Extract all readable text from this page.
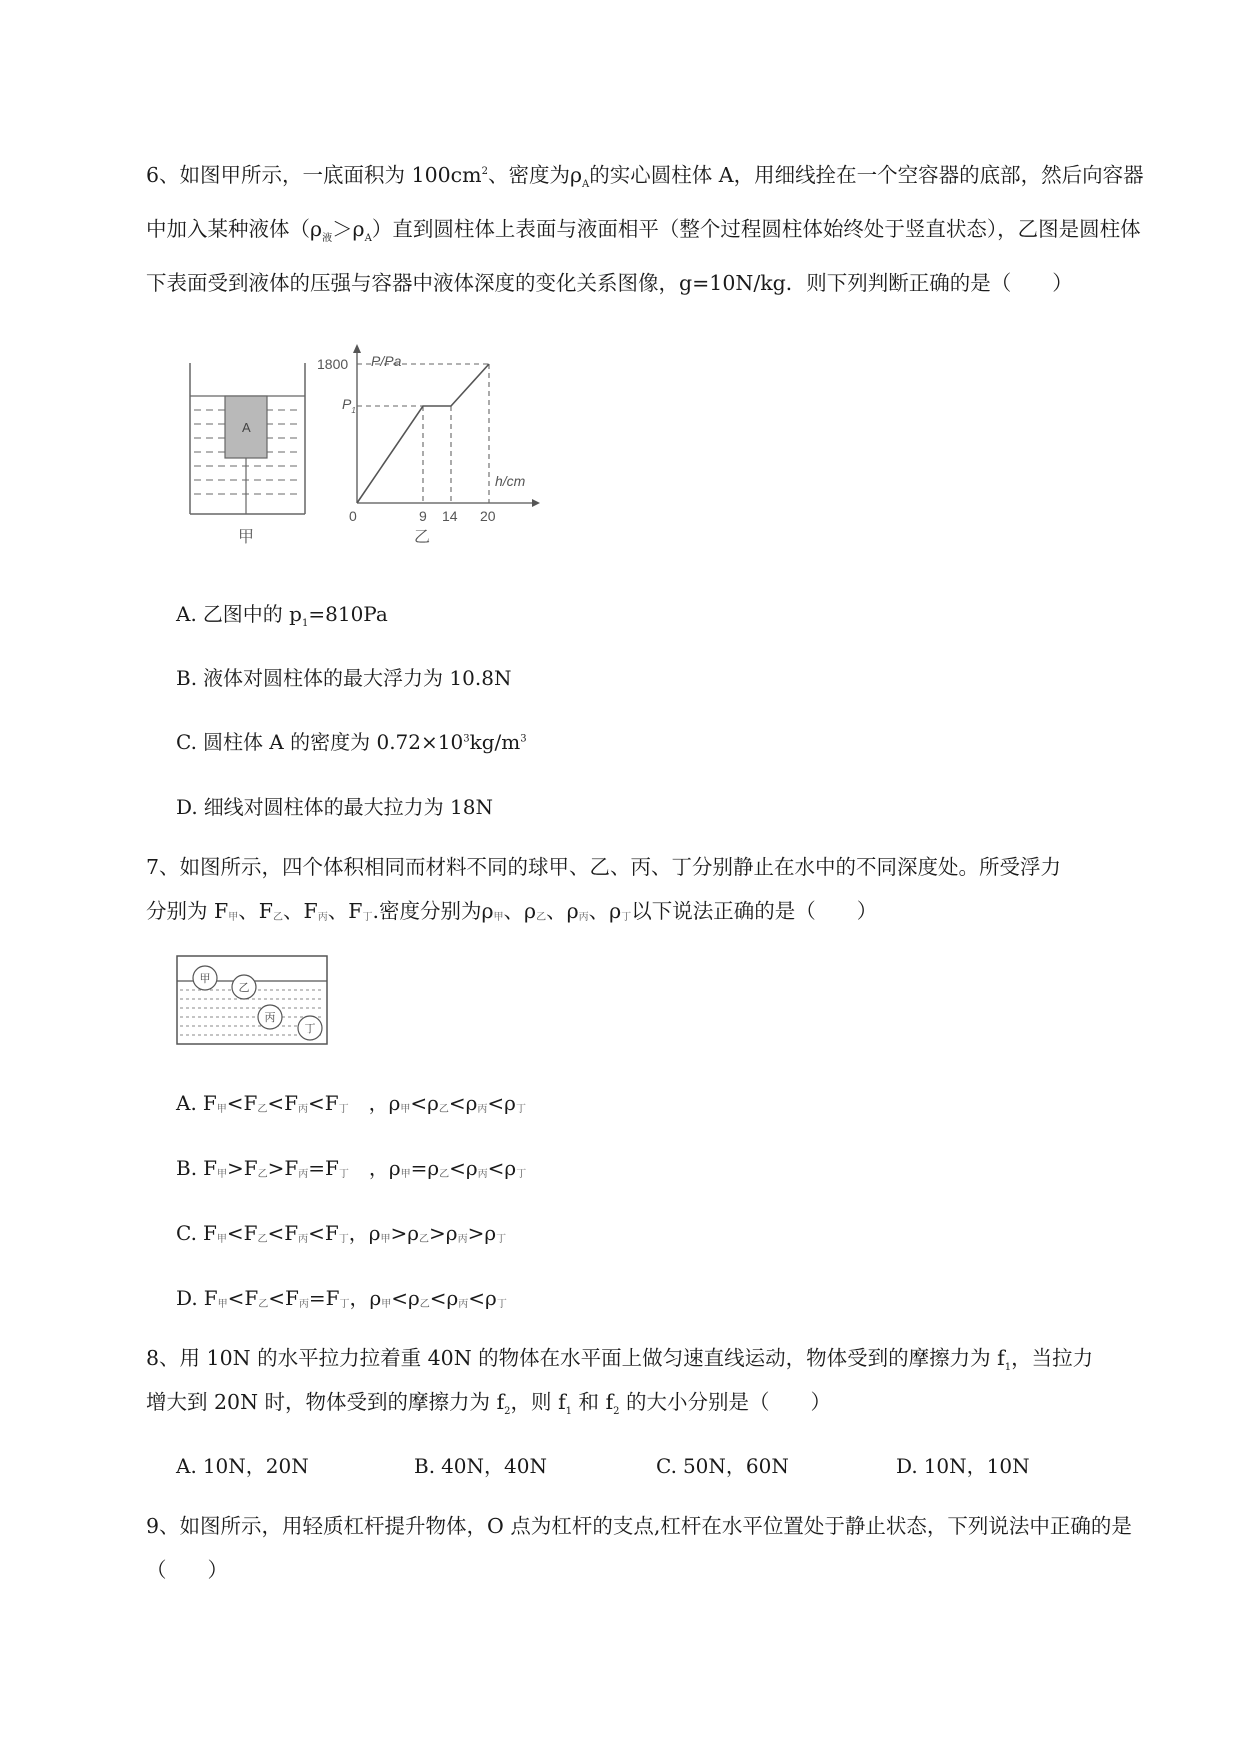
6、如图甲所示，一底面积为 $100cm^2$、密度为$\rho_A$的实心圆柱体 A，用细线拴在一个空容器的底部，然后向容器中加入某种液体$(\rho_液>\rho_A)$直到圆柱体上表面与液面相平（整个过程圆柱体始终处于竖直状态），乙图是圆柱体下表面受到液体的压强与容器中液体深度的变化关系图像，g=10N/kg．则下列判断正确的是（　　）

A
甲
P/Pa
h/cm
1800
$P_1$
0	9 14 20
乙

A. 乙图中的 $p_1=810Pa$

B. 液体对圆柱体的最大浮力为 10.8N

C. 圆柱体 A 的密度为 $0.72\times 10^3kg/m^3$

D. 细线对圆柱体的最大拉力为 18N

7、如图所示，四个体积相同而材料不同的球甲、乙、丙、丁分别静止在水中的不同深度处。所受浮力

分别为 F甲、F乙、F丙、F丁.密度分别为ρ甲、ρ乙、ρ丙、ρ丁以下说法正确的是（　　）

甲
乙
丙
丁

A. F甲<F乙<F丙<F丁　，ρ甲<ρ乙<ρ丙<ρ丁

B. F甲>F乙>F丙=F丁　，ρ甲=ρ乙<ρ丙<ρ丁

C. F甲<F乙<F丙<F丁，ρ甲>ρ乙>ρ丙>ρ丁

D. F甲<F乙<F丙=F丁，ρ甲<ρ乙<ρ丙<ρ丁

8、用 10N 的水平拉力拉着重 40N 的物体在水平面上做匀速直线运动，物体受到的摩擦力为 $f_1$，当拉力

增大到 20N 时，物体受到的摩擦力为 $f_2$，则 $f_1$ 和 $f_2$ 的大小分别是（　　）

A. 10N，20N	B. 40N，40N	C. 50N，60N	D. 10N，10N

9、如图所示，用轻质杠杆提升物体，O 点为杠杆的支点,杠杆在水平位置处于静止状态，下列说法中正确的是（　　）
